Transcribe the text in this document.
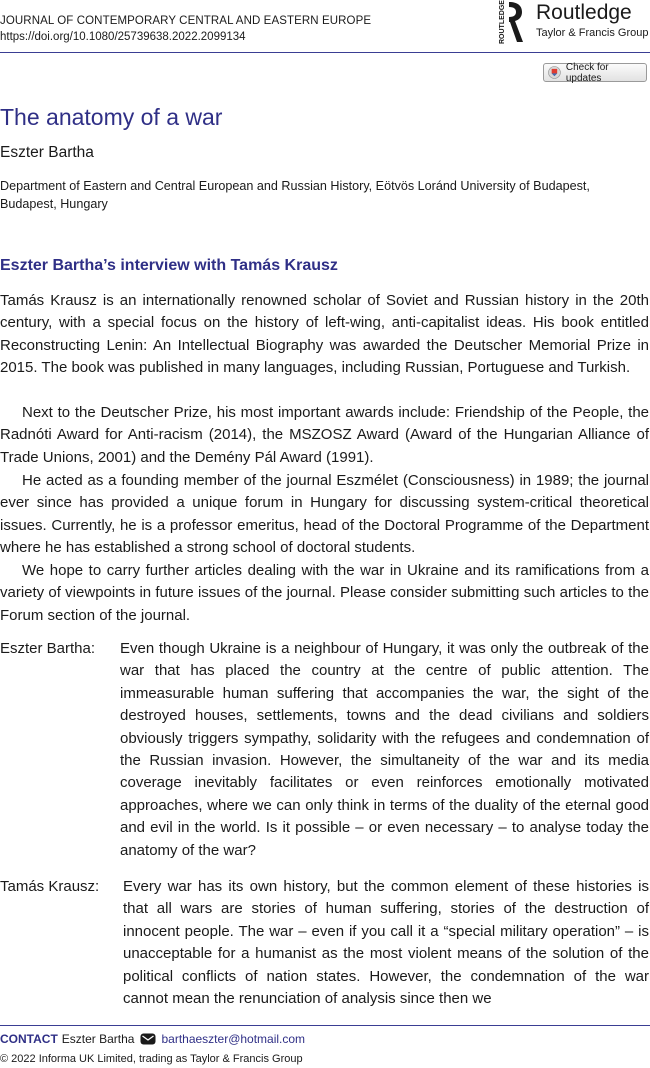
JOURNAL OF CONTEMPORARY CENTRAL AND EASTERN EUROPE
https://doi.org/10.1080/25739638.2022.2099134	ROUTLEDGE Routledge
Taylor & Francis Group
Check for updates
The anatomy of a war
Eszter Bartha
Department of Eastern and Central European and Russian History, Eötvös Loránd University of Budapest, Budapest, Hungary
Eszter Bartha’s interview with Tamás Krausz
Tamás Krausz is an internationally renowned scholar of Soviet and Russian history in the 20th century, with a special focus on the history of left-wing, anti-capitalist ideas. His book entitled Reconstructing Lenin: An Intellectual Biography was awarded the Deutscher Memorial Prize in 2015. The book was published in many languages, including Russian, Portuguese and Turkish.
Next to the Deutscher Prize, his most important awards include: Friendship of the People, the Radnóti Award for Anti-racism (2014), the MSZOSZ Award (Award of the Hungarian Alliance of Trade Unions, 2001) and the Demény Pál Award (1991).
He acted as a founding member of the journal Eszmélet (Consciousness) in 1989; the journal ever since has provided a unique forum in Hungary for discussing system-critical theoretical issues. Currently, he is a professor emeritus, head of the Doctoral Programme of the Department where he has established a strong school of doctoral students.
We hope to carry further articles dealing with the war in Ukraine and its ramifications from a variety of viewpoints in future issues of the journal. Please consider submitting such articles to the Forum section of the journal.
Eszter Bartha: Even though Ukraine is a neighbour of Hungary, it was only the outbreak of the war that has placed the country at the centre of public attention. The immeasurable human suffering that accompanies the war, the sight of the destroyed houses, settlements, towns and the dead civilians and soldiers obviously triggers sympathy, solidarity with the refugees and condemnation of the Russian invasion. However, the simultaneity of the war and its media coverage inevitably facilitates or even reinforces emotionally motivated approaches, where we can only think in terms of the duality of the eternal good and evil in the world. Is it possible – or even necessary – to analyse today the anatomy of the war?
Tamás Krausz: Every war has its own history, but the common element of these histories is that all wars are stories of human suffering, stories of the destruction of innocent people. The war – even if you call it a “special military operation” – is unacceptable for a humanist as the most violent means of the solution of the political conflicts of nation states. However, the condemnation of the war cannot mean the renunciation of analysis since then we
CONTACT Eszter Bartha barthaeszter@hotmail.com
© 2022 Informa UK Limited, trading as Taylor & Francis Group
